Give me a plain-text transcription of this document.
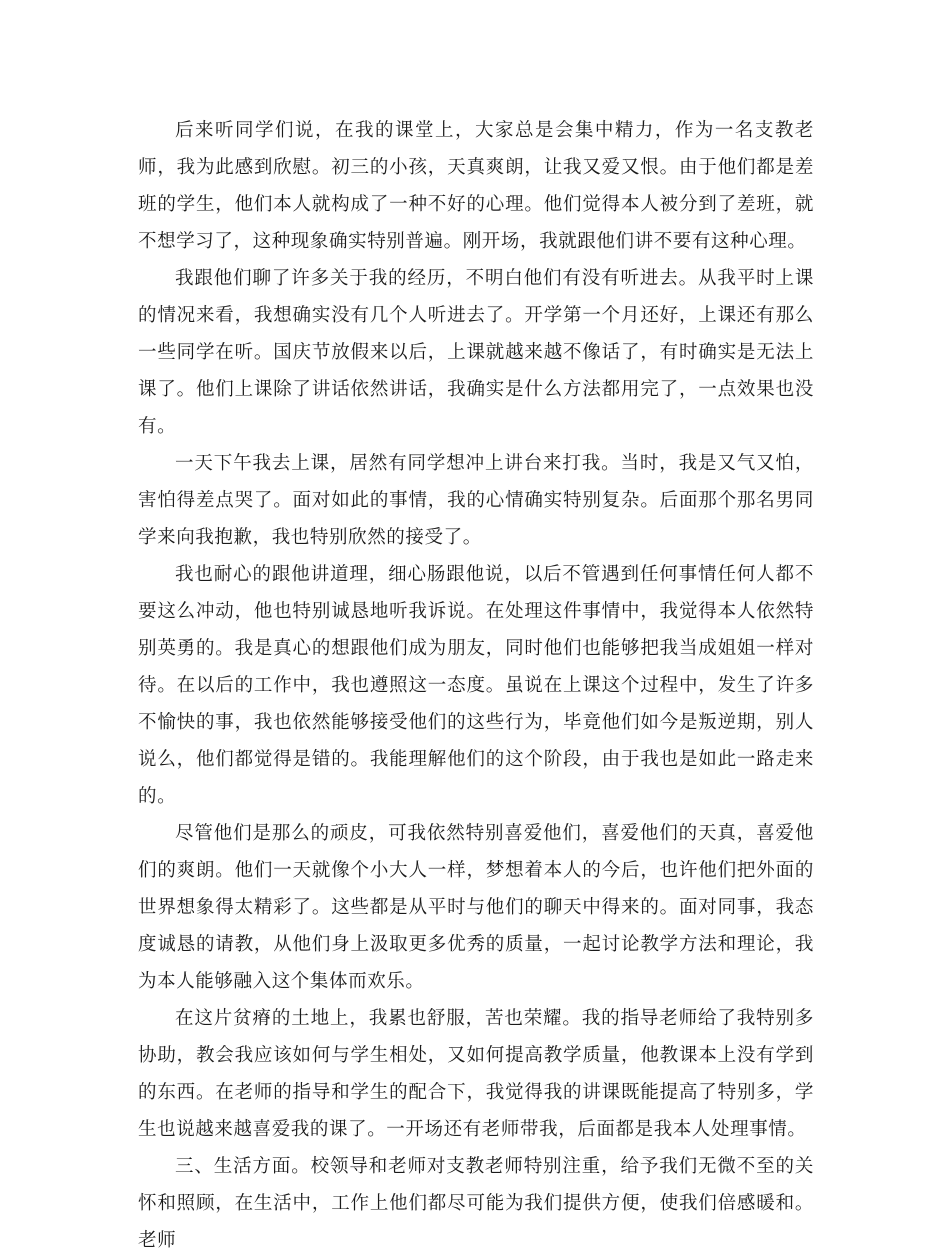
后来听同学们说，在我的课堂上，大家总是会集中精力，作为一名支教老师，我为此感到欣慰。初三的小孩，天真爽朗，让我又爱又恨。由于他们都是差班的学生，他们本人就构成了一种不好的心理。他们觉得本人被分到了差班，就不想学习了，这种现象确实特别普遍。刚开场，我就跟他们讲不要有这种心理。

我跟他们聊了许多关于我的经历，不明白他们有没有听进去。从我平时上课的情况来看，我想确实没有几个人听进去了。开学第一个月还好，上课还有那么一些同学在听。国庆节放假来以后，上课就越来越不像话了，有时确实是无法上课了。他们上课除了讲话依然讲话，我确实是什么方法都用完了，一点效果也没有。

一天下午我去上课，居然有同学想冲上讲台来打我。当时，我是又气又怕，害怕得差点哭了。面对如此的事情，我的心情确实特别复杂。后面那个那名男同学来向我抱歉，我也特别欣然的接受了。

我也耐心的跟他讲道理，细心肠跟他说，以后不管遇到任何事情任何人都不要这么冲动，他也特别诚恳地听我诉说。在处理这件事情中，我觉得本人依然特别英勇的。我是真心的想跟他们成为朋友，同时他们也能够把我当成姐姐一样对待。在以后的工作中，我也遵照这一态度。虽说在上课这个过程中，发生了许多不愉快的事，我也依然能够接受他们的这些行为，毕竟他们如今是叛逆期，别人说么，他们都觉得是错的。我能理解他们的这个阶段，由于我也是如此一路走来的。

尽管他们是那么的顽皮，可我依然特别喜爱他们，喜爱他们的天真，喜爱他们的爽朗。他们一天就像个小大人一样，梦想着本人的今后，也许他们把外面的世界想象得太精彩了。这些都是从平时与他们的聊天中得来的。面对同事，我态度诚恳的请教，从他们身上汲取更多优秀的质量，一起讨论教学方法和理论，我为本人能够融入这个集体而欢乐。

在这片贫瘠的土地上，我累也舒服，苦也荣耀。我的指导老师给了我特别多协助，教会我应该如何与学生相处，又如何提高教学质量，他教课本上没有学到的东西。在老师的指导和学生的配合下，我觉得我的讲课既能提高了特别多，学生也说越来越喜爱我的课了。一开场还有老师带我，后面都是我本人处理事情。

三、生活方面。校领导和老师对支教老师特别注重，给予我们无微不至的关怀和照顾，在生活中，工作上他们都尽可能为我们提供方便，使我们倍感暖和。老师
